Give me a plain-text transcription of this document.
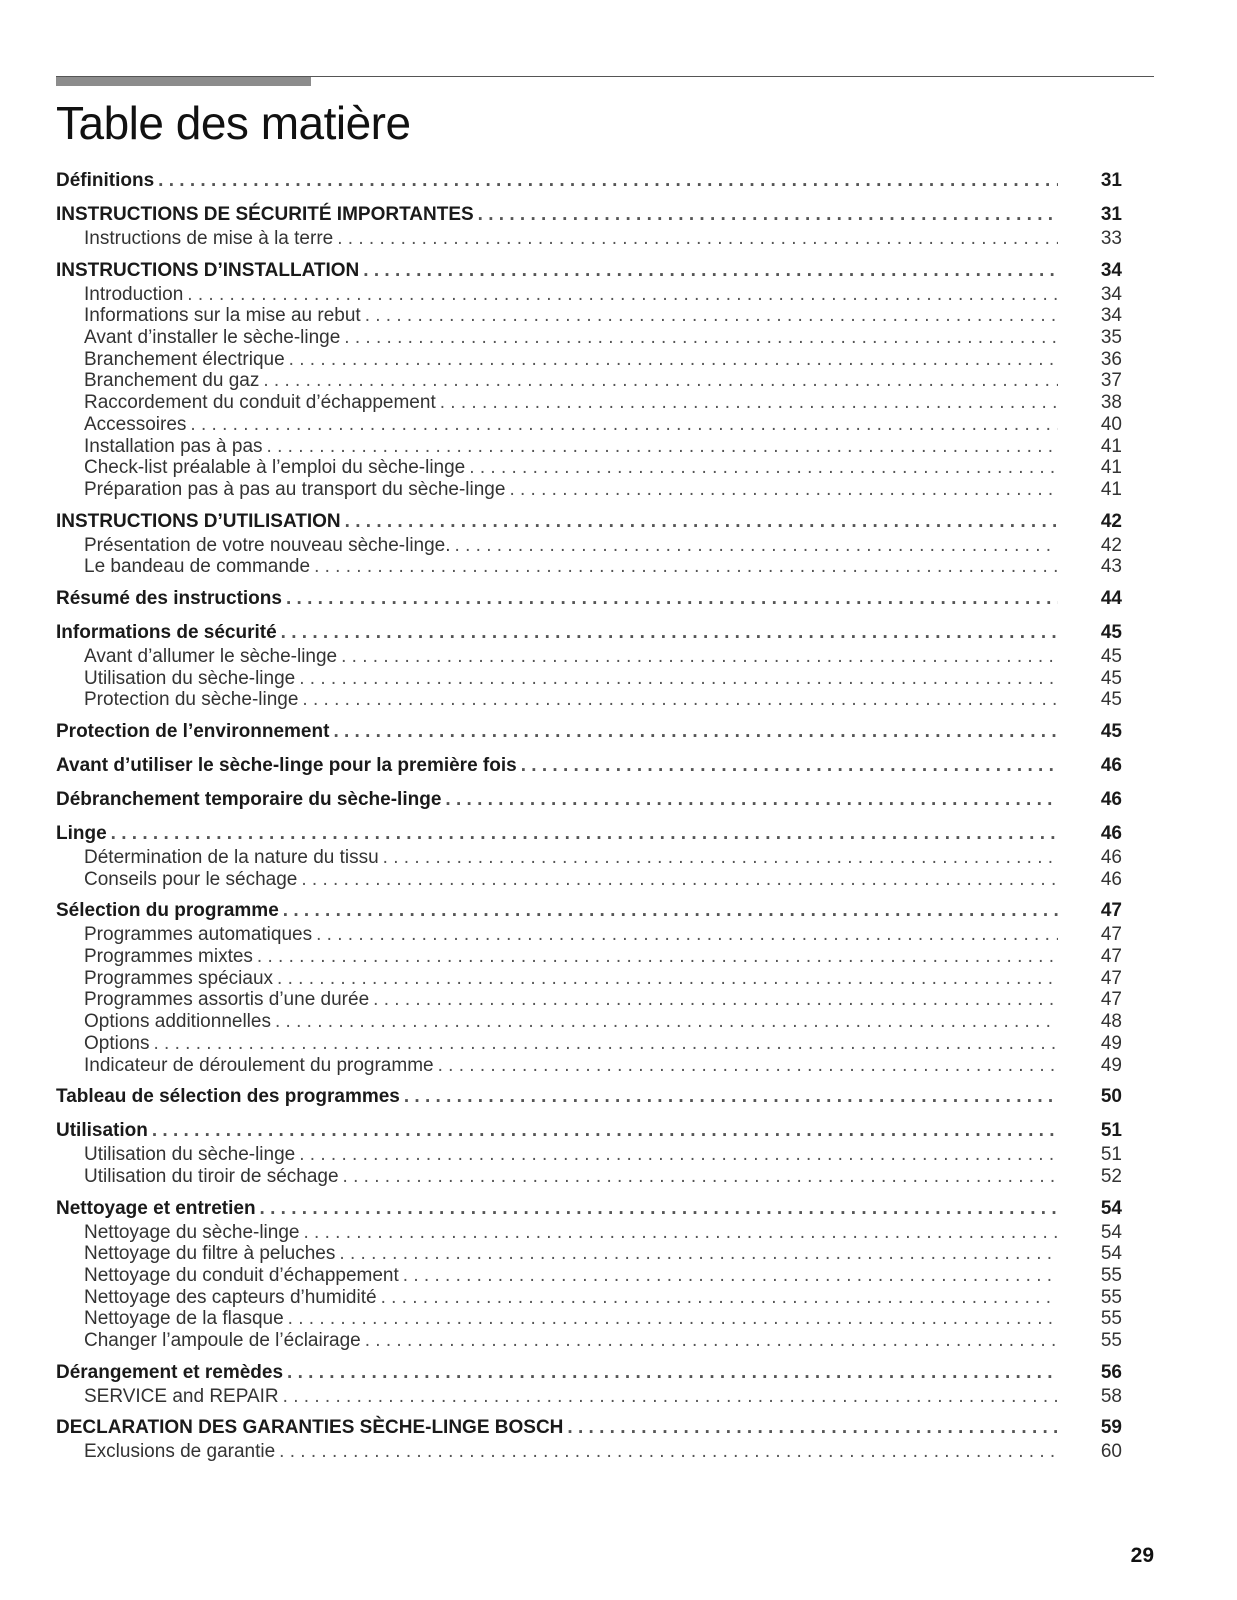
Table des matière
Définitions . . .	31
INSTRUCTIONS DE SÉCURITÉ IMPORTANTES . . .	31
Instructions de mise à la terre . . .	33
INSTRUCTIONS D’INSTALLATION . . .	34
Introduction . . .	34
Informations sur la mise au rebut . . .	34
Avant d’installer le sèche-linge . . .	35
Branchement électrique . . .	36
Branchement du gaz . . .	37
Raccordement du conduit d’échappement . . .	38
Accessoires . . .	40
Installation pas à pas . . .	41
Check-list préalable à l’emploi du sèche-linge . . .	41
Préparation pas à pas au transport du sèche-linge . . .	41
INSTRUCTIONS D’UTILISATION . . .	42
Présentation de votre nouveau sèche-linge. . . .	42
Le bandeau de commande . . .	43
Résumé des instructions . . .	44
Informations de sécurité . . .	45
Avant d’allumer le sèche-linge . . .	45
Utilisation du sèche-linge . . .	45
Protection du sèche-linge . . .	45
Protection de l’environnement . . .	45
Avant d’utiliser le sèche-linge pour la première fois . . .	46
Débranchement temporaire du sèche-linge . . .	46
Linge . . .	46
Détermination de la nature du tissu . . .	46
Conseils pour le séchage . . .	46
Sélection du programme . . .	47
Programmes automatiques . . .	47
Programmes mixtes . . .	47
Programmes spéciaux . . .	47
Programmes assortis d’une durée . . .	47
Options additionnelles . . .	48
Options . . .	49
Indicateur de déroulement du programme . . .	49
Tableau de sélection des programmes . . .	50
Utilisation . . .	51
Utilisation du sèche-linge . . .	51
Utilisation du tiroir de séchage . . .	52
Nettoyage et entretien . . .	54
Nettoyage du sèche-linge . . .	54
Nettoyage du filtre à peluches . . .	54
Nettoyage du conduit d’échappement . . .	55
Nettoyage des capteurs d’humidité . . .	55
Nettoyage de la flasque . . .	55
Changer l’ampoule de l’éclairage . . .	55
Dérangement et remèdes . . .	56
SERVICE and REPAIR . . .	58
DECLARATION DES GARANTIES SÈCHE-LINGE BOSCH . . .	59
Exclusions de garantie . . .	60
29
